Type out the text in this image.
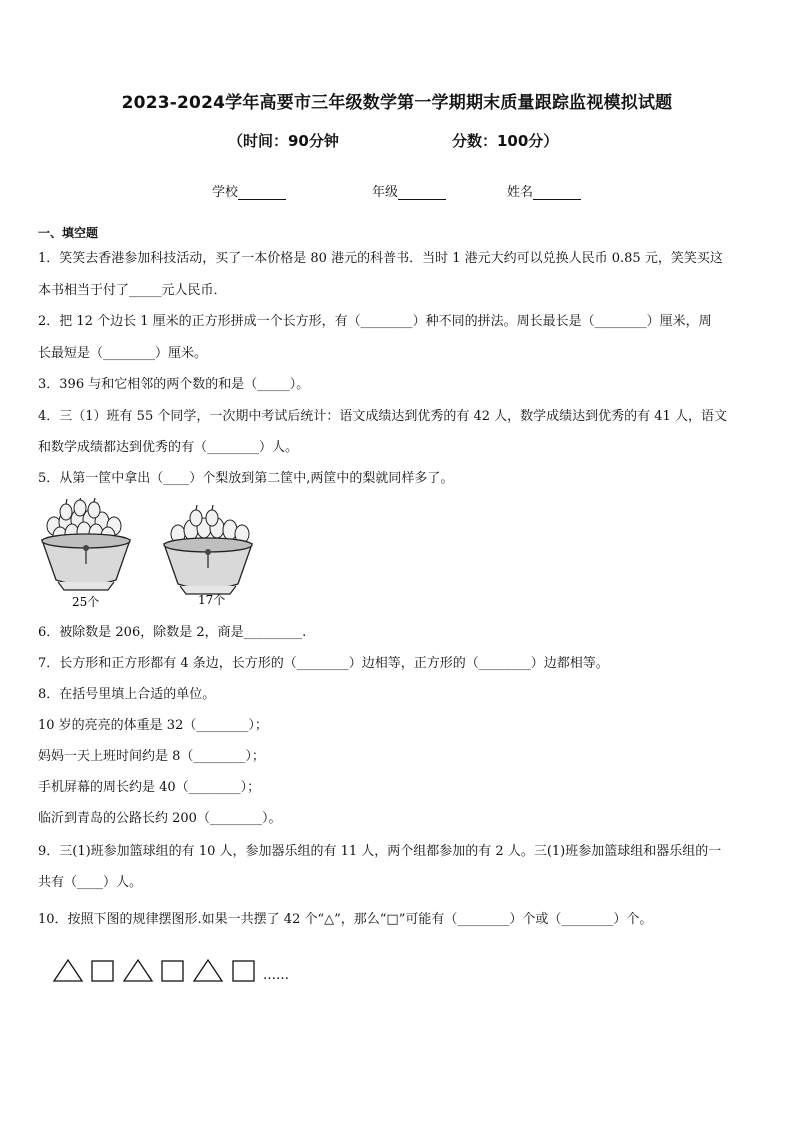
2023-2024学年高要市三年级数学第一学期期末质量跟踪监视模拟试题
（时间：90分钟	分数：100分）
学校	年级	姓名
一、填空题
1．笑笑去香港参加科技活动，买了一本价格是 80 港元的科普书．当时 1 港元大约可以兑换人民币 0.85 元，笑笑买这
本书相当于付了_____元人民币．
2．把 12 个边长 1 厘米的正方形拼成一个长方形，有（________）种不同的拼法。周长最长是（________）厘米，周
长最短是（________）厘米。
3．396 与和它相邻的两个数的和是（_____）。
4．三（1）班有 55 个同学，一次期中考试后统计：语文成绩达到优秀的有 42 人，数学成绩达到优秀的有 41 人，语文
和数学成绩都达到优秀的有（________）人。
5．从第一筐中拿出（____）个梨放到第二筐中,两筐中的梨就同样多了。
25个	17个
6．被除数是 206，除数是 2，商是_________.
7．长方形和正方形都有 4 条边，长方形的（________）边相等，正方形的（________）边都相等。
8．在括号里填上合适的单位。
10 岁的亮亮的体重是 32（________）；
妈妈一天上班时间约是 8（________）；
手机屏幕的周长约是 40（________）；
临沂到青岛的公路长约 200（________）。
9．三(1)班参加篮球组的有 10 人，参加器乐组的有 11 人，两个组都参加的有 2 人。三(1)班参加篮球组和器乐组的一
共有（____）人。
10．按照下图的规律摆图形.如果一共摆了 42 个“△”，那么“□”可能有（________）个或（________）个。
……
